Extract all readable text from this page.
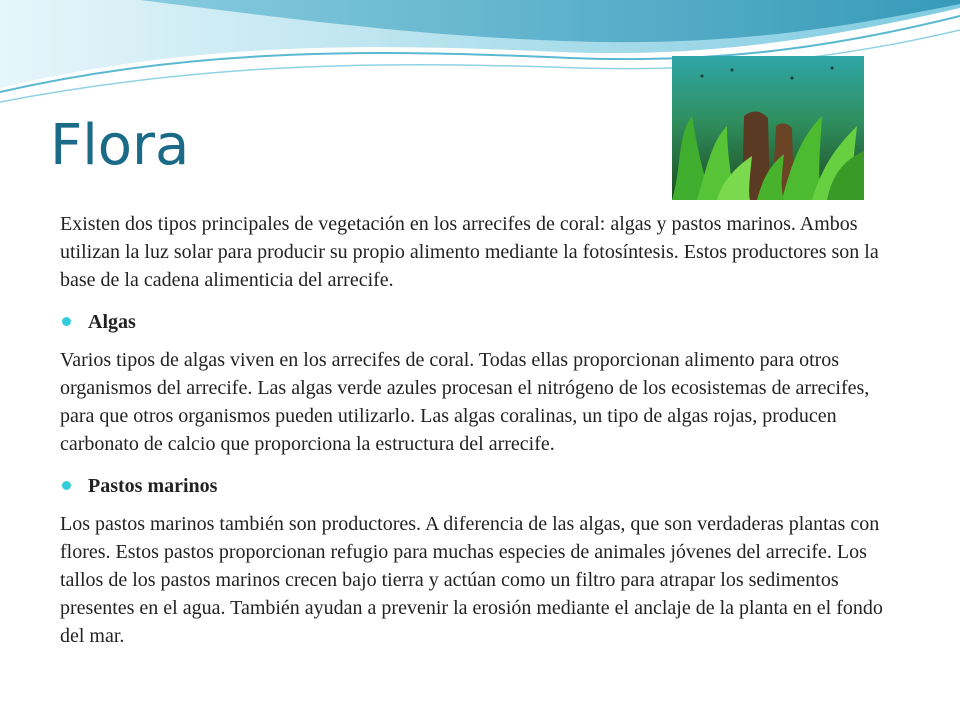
Flora

Existen dos tipos principales de vegetación en los arrecifes de coral: algas y pastos marinos. Ambos utilizan la luz solar para producir su propio alimento mediante la fotosíntesis. Estos productores son la base de la cadena alimenticia del arrecife.

Algas

Varios tipos de algas viven en los arrecifes de coral. Todas ellas proporcionan alimento para otros organismos del arrecife. Las algas verde azules procesan el nitrógeno de los ecosistemas de arrecifes, para que otros organismos pueden utilizarlo. Las algas coralinas, un tipo de algas rojas, producen carbonato de calcio que proporciona la estructura del arrecife.

Pastos marinos

Los pastos marinos también son productores. A diferencia de las algas, que son verdaderas plantas con flores. Estos pastos proporcionan refugio para muchas especies de animales jóvenes del arrecife. Los tallos de los pastos marinos crecen bajo tierra y actúan como un filtro para atrapar los sedimentos presentes en el agua. También ayudan a prevenir la erosión mediante el anclaje de la planta en el fondo del mar.
